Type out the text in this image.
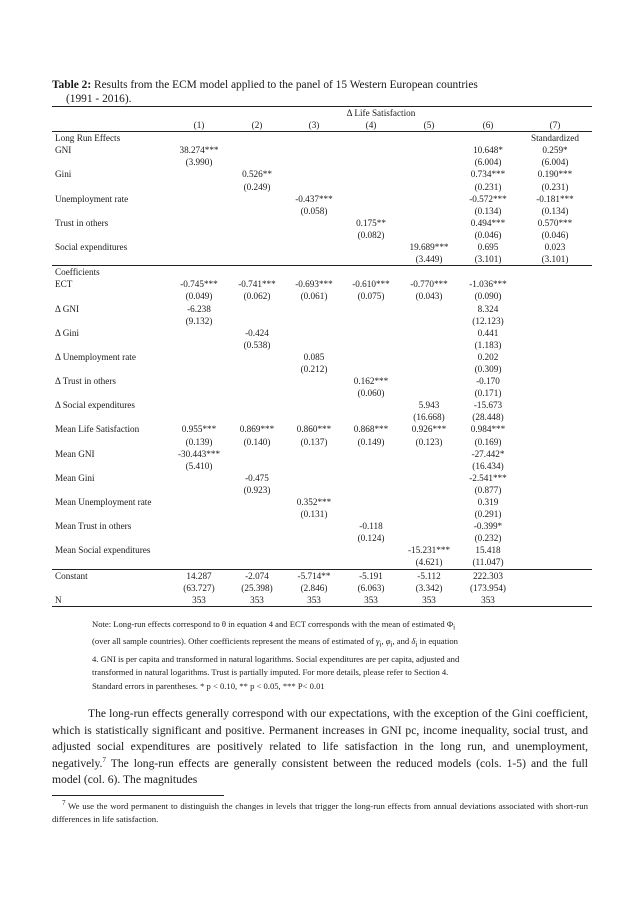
Table 2: Results from the ECM model applied to the panel of 15 Western European countries
(1991 - 2016).
	Δ Life Satisfaction						
	(1)	(2)	(3)	(4)	(5)	(6)	(7)
Long Run Effects							Standardized
GNI	38.274***					10.648*	0.259*
	(3.990)					(6.004)	(6.004)
Gini		0.526**				0.734***	0.190***
		(0.249)				(0.231)	(0.231)
Unemployment rate			-0.437***			-0.572***	-0.181***
			(0.058)			(0.134)	(0.134)
Trust in others				0.175**		0.494***	0.570***
				(0.082)		(0.046)	(0.046)
Social expenditures					19.689***	0.695	0.023
					(3.449)	(3.101)	(3.101)
Coefficients							
ECT	-0.745***	-0.741***	-0.693***	-0.610***	-0.770***	-1.036***	
	(0.049)	(0.062)	(0.061)	(0.075)	(0.043)	(0.090)	
Δ GNI	-6.238					8.324	
	(9.132)					(12.123)	
Δ Gini		-0.424				0.441	
		(0.538)				(1.183)	
Δ Unemployment rate			0.085			0.202	
			(0.212)			(0.309)	
Δ Trust in others				0.162***		-0.170	
				(0.060)		(0.171)	
Δ Social expenditures					5.943	-15.673	
					(16.668)	(28.448)	
Mean Life Satisfaction	0.955***	0.869***	0.860***	0.868***	0.926***	0.984***	
	(0.139)	(0.140)	(0.137)	(0.149)	(0.123)	(0.169)	
Mean GNI	-30.443***					-27.442*	
	(5.410)					(16.434)	
Mean Gini		-0.475				-2.541***	
		(0.923)				(0.877)	
Mean Unemployment rate			0.352***			0.319	
			(0.131)			(0.291)	
Mean Trust in others				-0.118		-0.399*	
				(0.124)		(0.232)	
Mean Social expenditures					-15.231***	15.418	
					(4.621)	(11.047)	
Constant	14.287	-2.074	-5.714**	-5.191	-5.112	222.303	
	(63.727)	(25.398)	(2.846)	(6.063)	(3.342)	(173.954)	
N	353	353	353	353	353	353	
Note: Long-run effects correspond to θ in equation 4 and ECT corresponds with the mean of estimated $\Phi_i$
(over all sample countries). Other coefficients represent the means of estimated of $\gamma_i$, $\varphi_i$, and $\delta_i$ in equation
4. GNI is per capita and transformed in natural logarithms. Social expenditures are per capita, adjusted and
transformed in natural logarithms. Trust is partially imputed. For more details, please refer to Section 4.
Standard errors in parentheses. * p < 0.10, ** p < 0.05, *** P< 0.01

The long-run effects generally correspond with our expectations, with the exception of the Gini coefficient, which is statistically significant and positive. Permanent increases in GNI pc, income inequality, social trust, and adjusted social expenditures are positively related to life satisfaction in the long run, and unemployment, negatively.$^7$ The long-run effects are generally consistent between the reduced models (cols. 1-5) and the full model (col. 6). The magnitudes

$^7$ We use the word permanent to distinguish the changes in levels that trigger the long-run effects from annual deviations associated with short-run differences in life satisfaction.
